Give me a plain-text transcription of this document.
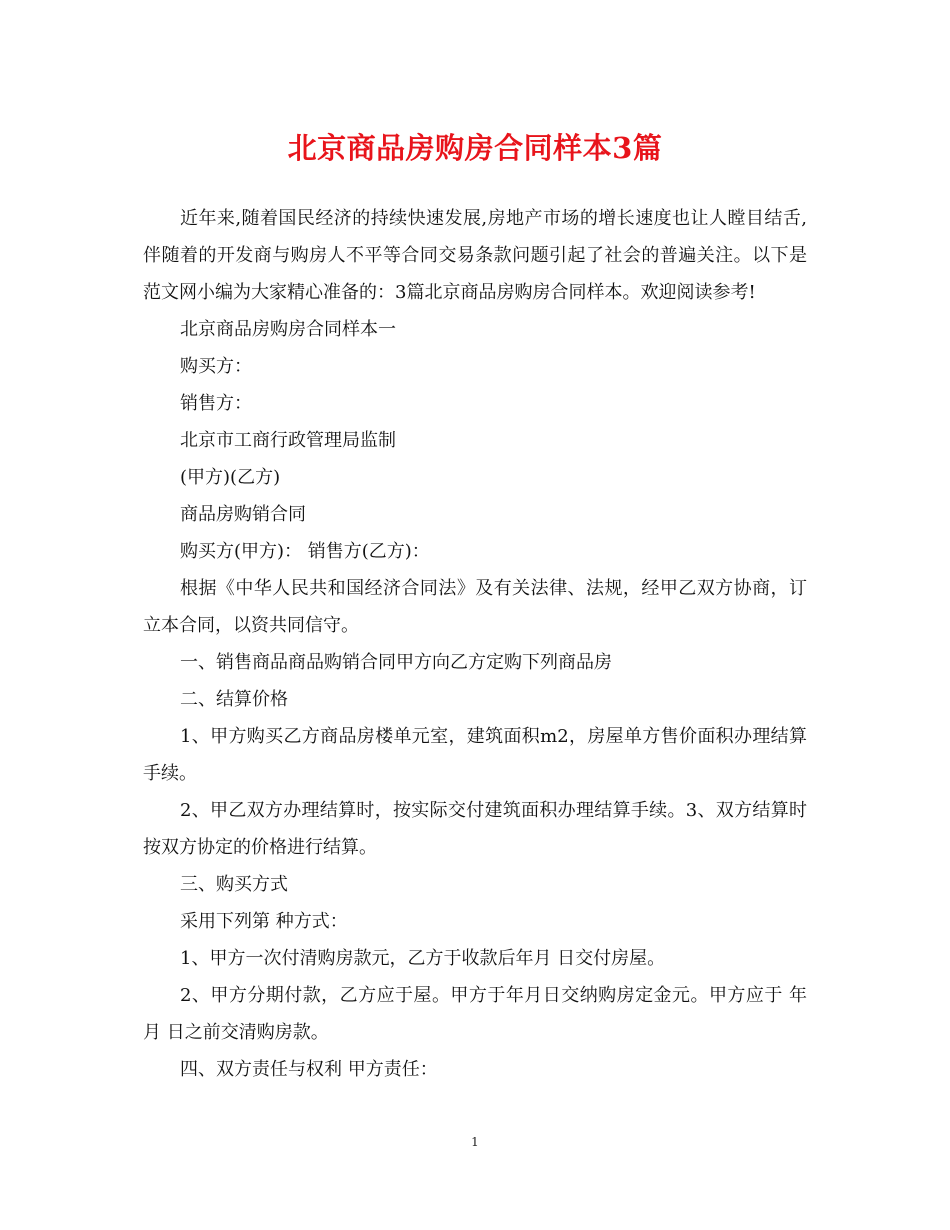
北京商品房购房合同样本3篇

近年来,随着国民经济的持续快速发展,房地产市场的增长速度也让人瞠目结舌,伴随着的开发商与购房人不平等合同交易条款问题引起了社会的普遍关注。以下是范文网小编为大家精心准备的：3篇北京商品房购房合同样本。欢迎阅读参考!

北京商品房购房合同样本一

购买方：

销售方：

北京市工商行政管理局监制

(甲方)(乙方)

商品房购销合同

购买方(甲方)： 销售方(乙方)：

根据《中华人民共和国经济合同法》及有关法律、法规，经甲乙双方协商，订立本合同，以资共同信守。

一、销售商品商品购销合同甲方向乙方定购下列商品房

二、结算价格

1、甲方购买乙方商品房楼单元室，建筑面积m2，房屋单方售价面积办理结算手续。

2、甲乙双方办理结算时，按实际交付建筑面积办理结算手续。3、双方结算时按双方协定的价格进行结算。

三、购买方式

采用下列第 种方式：

1、甲方一次付清购房款元，乙方于收款后年月 日交付房屋。

2、甲方分期付款，乙方应于屋。甲方于年月日交纳购房定金元。甲方应于 年 月 日之前交清购房款。

四、双方责任与权利 甲方责任：

1
